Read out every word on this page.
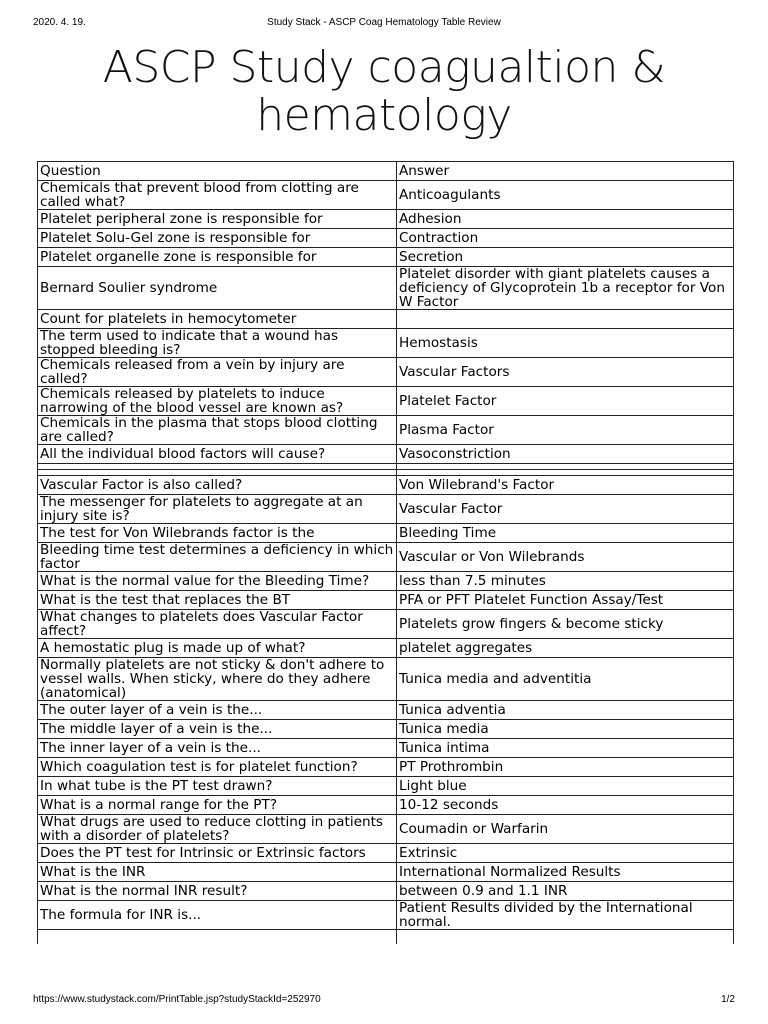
Study Stack - ASCP Coag Hematology Table Review
2020. 4. 19.
ASCP Study coagualtion & hematology
Question	Answer
Chemicals that prevent blood from clotting are called what?	Anticoagulants
Platelet peripheral zone is responsible for	Adhesion
Platelet Solu-Gel zone is responsible for	Contraction
Platelet organelle zone is responsible for	Secretion
Bernard Soulier syndrome	Platelet disorder with giant platelets causes a deficiency of Glycoprotein 1b a receptor for Von W Factor
Count for platelets in hemocytometer	
The term used to indicate that a wound has stopped bleeding is?	Hemostasis
Chemicals released from a vein by injury are called?	Vascular Factors
Chemicals released by platelets to induce narrowing of the blood vessel are known as?	Platelet Factor
Chemicals in the plasma that stops blood clotting are called?	Plasma Factor
All the individual blood factors will cause?	Vasoconstriction

Vascular Factor is also called?	Von Wilebrand's Factor
The messenger for platelets to aggregate at an injury site is?	Vascular Factor
The test for Von Wilebrands factor is the	Bleeding Time
Bleeding time test determines a deficiency in which factor	Vascular or Von Wilebrands
What is the normal value for the Bleeding Time?	less than 7.5 minutes
What is the test that replaces the BT	PFA or PFT Platelet Function Assay/Test
What changes to platelets does Vascular Factor affect?	Platelets grow fingers & become sticky
A hemostatic plug is made up of what?	platelet aggregates
Normally platelets are not sticky & don't adhere to vessel walls. When sticky, where do they adhere (anatomical)	Tunica media and adventitia
The outer layer of a vein is the...	Tunica adventia
The middle layer of a vein is the...	Tunica media
The inner layer of a vein is the...	Tunica intima
Which coagulation test is for platelet function?	PT Prothrombin
In what tube is the PT test drawn?	Light blue
What is a normal range for the PT?	10-12 seconds
What drugs are used to reduce clotting in patients with a disorder of platelets?	Coumadin or Warfarin
Does the PT test for Intrinsic or Extrinsic factors	Extrinsic
What is the INR	International Normalized Results
What is the normal INR result?	between 0.9 and 1.1 INR
The formula for INR is...	Patient Results divided by the International normal.

https://www.studystack.com/PrintTable.jsp?studyStackId=252970	1/2
